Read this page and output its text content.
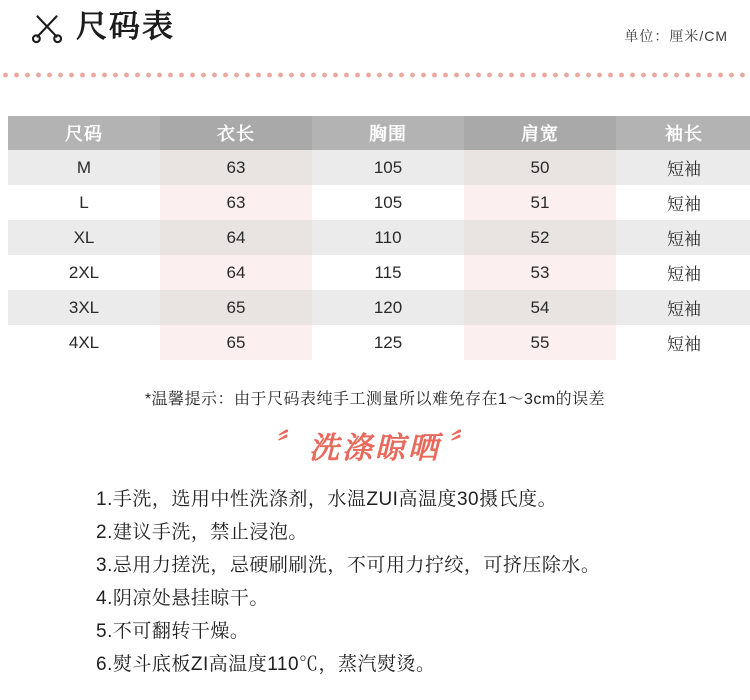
尺码表	单位：厘米/CM
尺码	衣长	胸围	肩宽	袖长
M	63	105	50	短袖
L	63	105	51	短袖
XL	64	110	52	短袖
2XL	64	115	53	短袖
3XL	65	120	54	短袖
4XL	65	125	55	短袖
*温馨提示：由于尺码表纯手工测量所以难免存在1～3cm的误差
〞 洗涤晾晒 〞
1.手洗，选用中性洗涤剂，水温ZUI高温度30摄氏度。
2.建议手洗，禁止浸泡。
3.忌用力搓洗，忌硬刷刷洗，不可用力拧绞，可挤压除水。
4.阴凉处悬挂晾干。
5.不可翻转干燥。
6.熨斗底板ZI高温度110℃，蒸汽熨烫。
